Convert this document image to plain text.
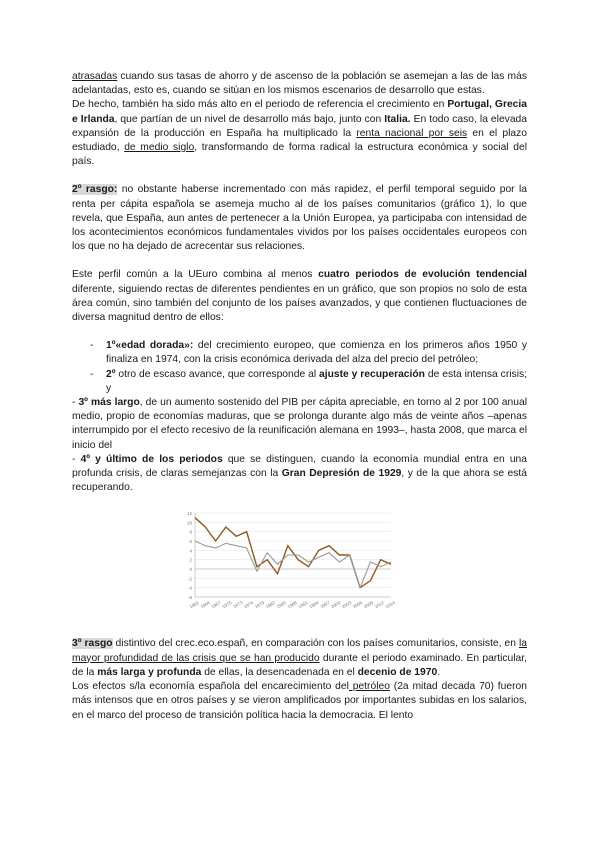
atrasadas cuando sus tasas de ahorro y de ascenso de la población se asemejan a las de las más adelantadas, esto es, cuando se sitúan en los mismos escenarios de desarrollo que estas.

De hecho, también ha sido más alto en el periodo de referencia el crecimiento en Portugal, Grecia e Irlanda, que partían de un nivel de desarrollo más bajo, junto con Italia. En todo caso, la elevada expansión de la producción en España ha multiplicado la renta nacional por seis en el plazo estudiado, de medio siglo, transformando de forma radical la estructura económica y social del país.

2º rasgo: no obstante haberse incrementado con más rapidez, el perfil temporal seguido por la renta per cápita española se asemeja mucho al de los países comunitarios (gráfico 1), lo que revela, que España, aun antes de pertenecer a la Unión Europea, ya participaba con intensidad de los acontecimientos económicos fundamentales vividos por los países occidentales europeos con los que no ha dejado de acrecentar sus relaciones.

Este perfil común a la UEuro combina al menos cuatro periodos de evolución tendencial diferente, siguiendo rectas de diferentes pendientes en un gráfico, que son propios no solo de esta área común, sino también del conjunto de los países avanzados, y que contienen fluctuaciones de diversa magnitud dentro de ellos:

- 1º«edad dorada»: del crecimiento europeo, que comienza en los primeros años 1950 y finaliza en 1974, con la crisis económica derivada del alza del precio del petróleo;
- 2º otro de escaso avance, que corresponde al ajuste y recuperación de esta intensa crisis; y

- 3º más largo, de un aumento sostenido del PIB per cápita apreciable, en torno al 2 por 100 anual medio, propio de economías maduras, que se prolonga durante algo más de veinte años –apenas interrumpido por el efecto recesivo de la reunificación alemana en 1993–, hasta 2008, que marca el inicio del

- 4º y último de los periodos que se distinguen, cuando la economía mundial entra en una profunda crisis, de claras semejanzas con la Gran Depresión de 1929, y de la que ahora se está recuperando.

12
10
8
6
4
2
0
-2
-4
-6
1961 1964 1967 1970 1973 1976 1979 1982 1985 1988 1991 1994 1997 2000 2003 2006 2009 2012 2014

3º rasgo distintivo del crec.eco.españ, en comparación con los países comunitarios, consiste, en la mayor profundidad de las crisis que se han producido durante el periodo examinado. En particular, de la más larga y profunda de ellas, la desencadenada en el decenio de 1970.

Los efectos s/la economía española del encarecimiento del petróleo (2a mitad decada 70) fueron más intensos que en otros países y se vieron amplificados por importantes subidas en los salarios, en el marco del proceso de transición política hacia la democracia. El lento
